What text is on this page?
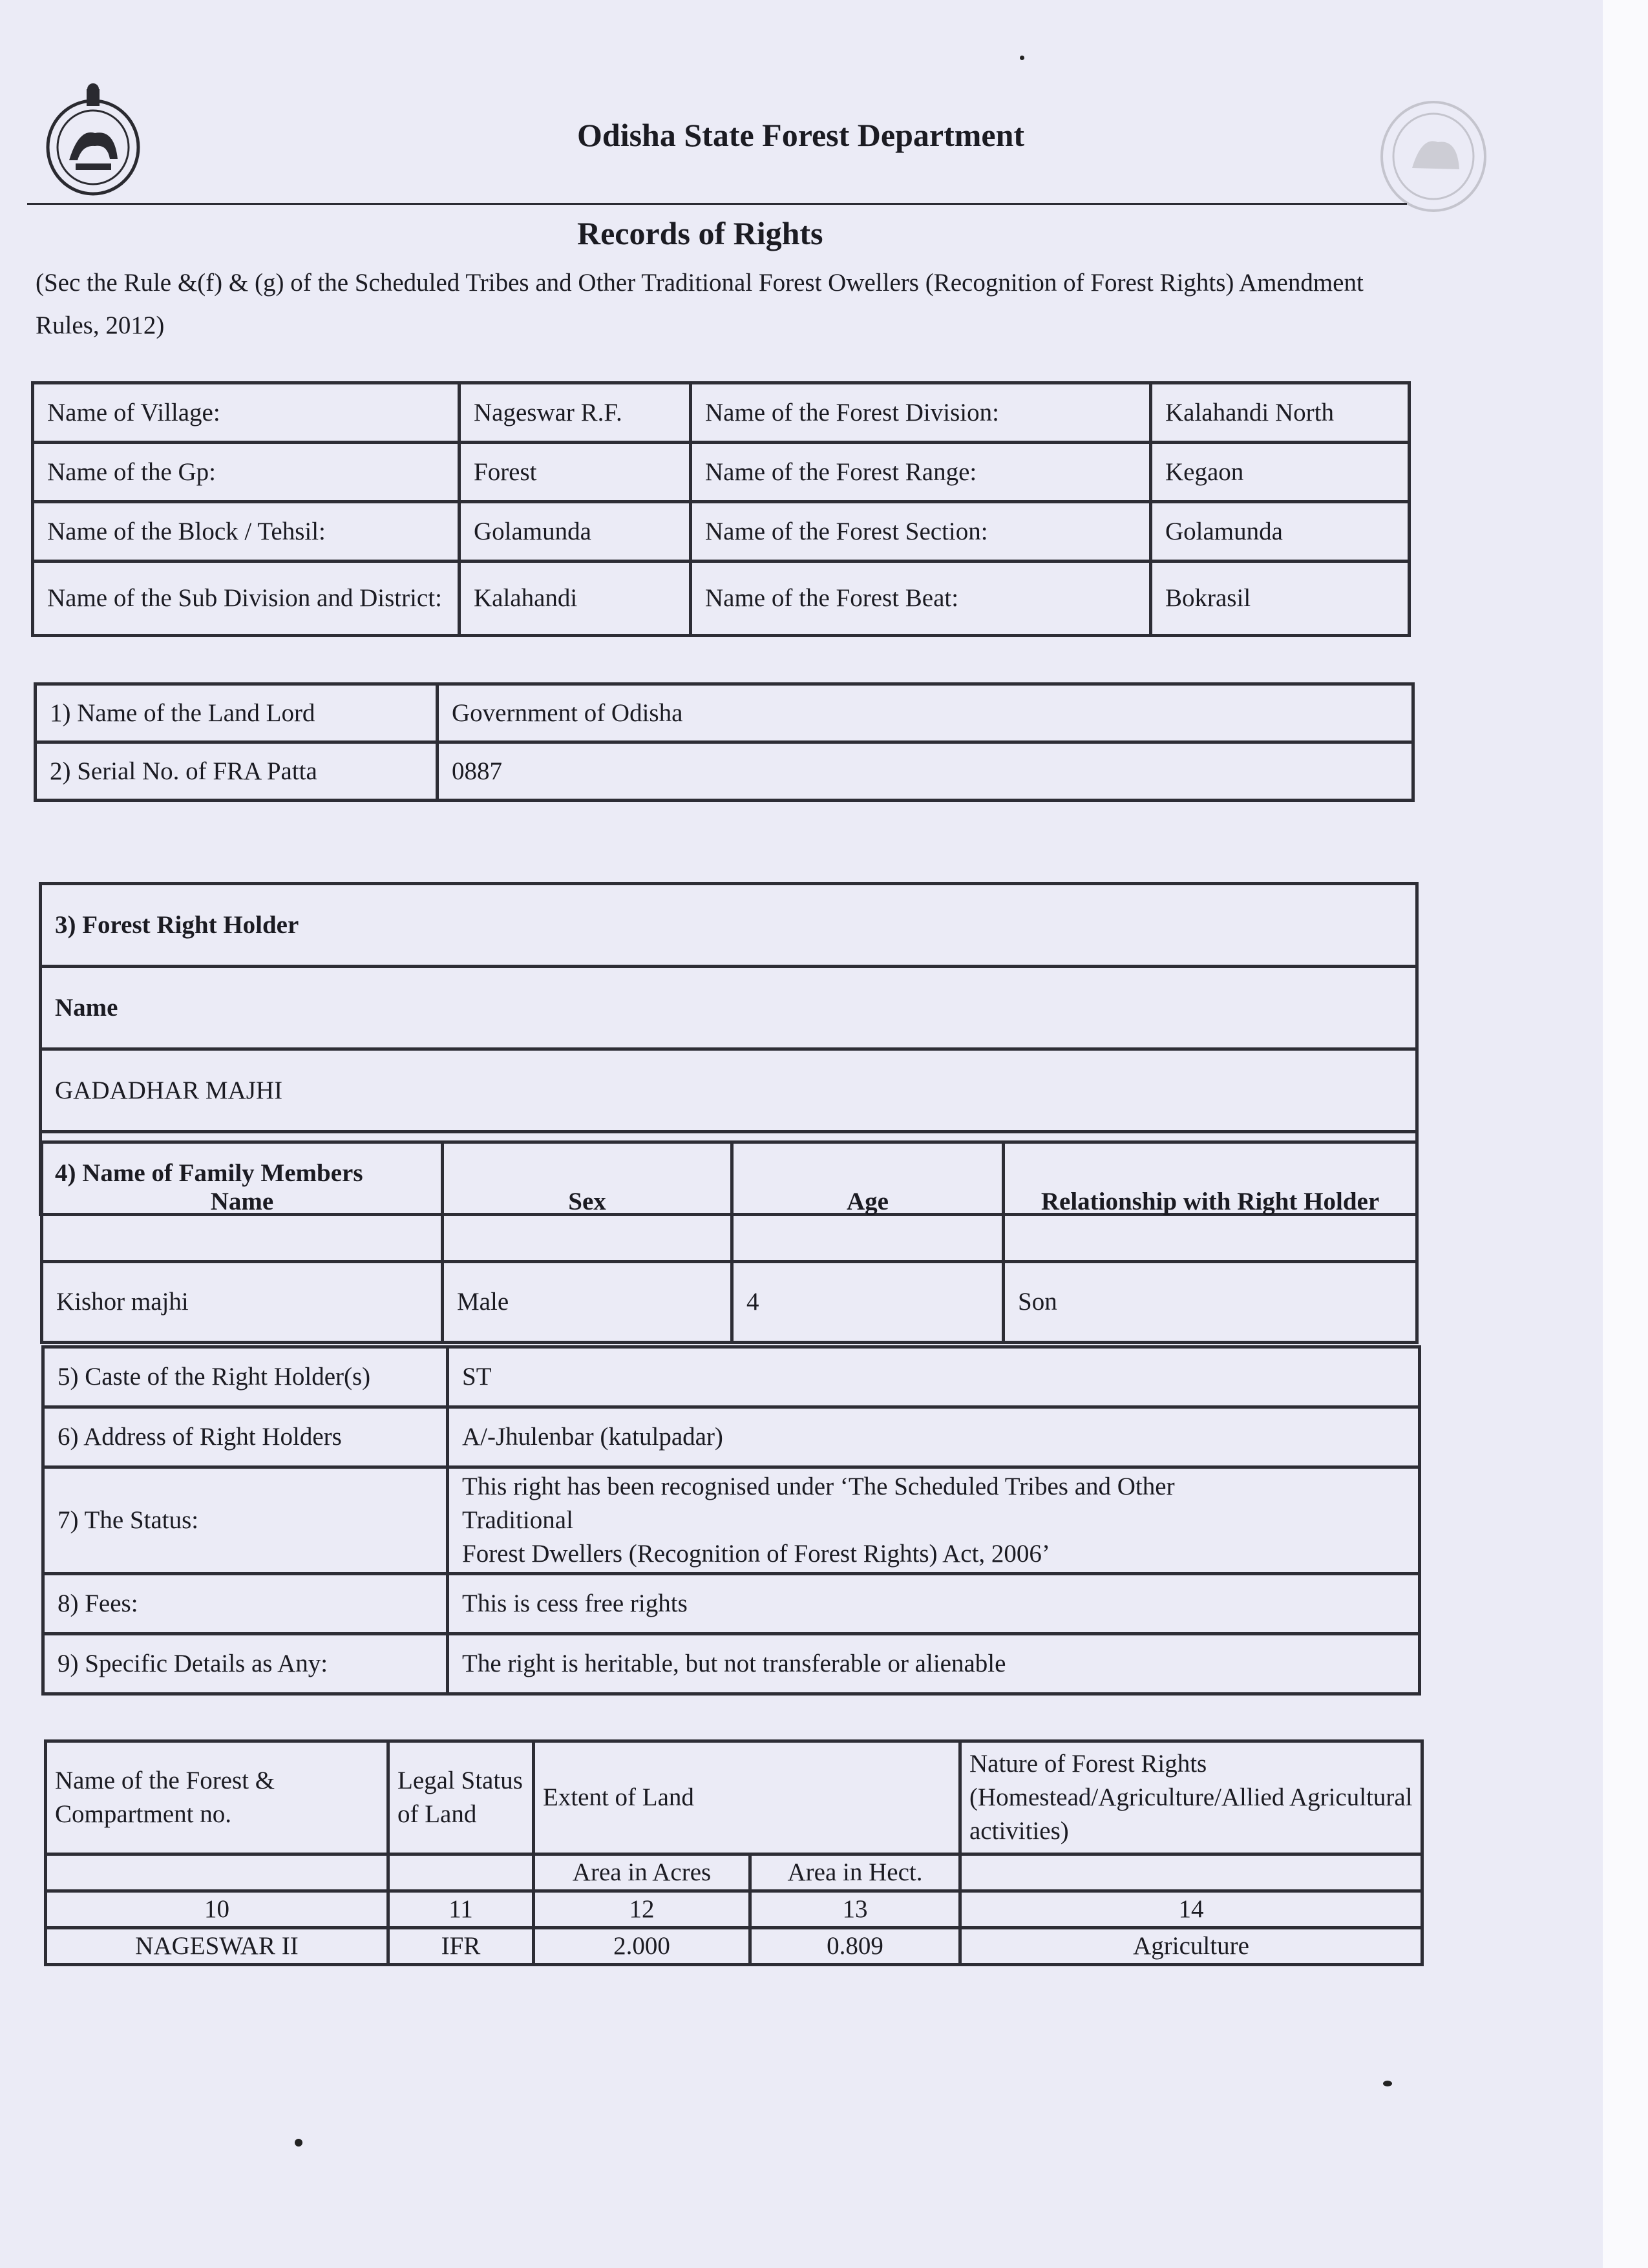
Odisha State Forest Department
Records of Rights
(Sec the Rule &(f) & (g) of the Scheduled Tribes and Other Traditional Forest Owellers (Recognition of Forest Rights) Amendment Rules, 2012)
Name of Village:	Nageswar R.F.	Name of the Forest Division:	Kalahandi North
Name of the Gp:	Forest	Name of the Forest Range:	Kegaon
Name of the Block / Tehsil:	Golamunda	Name of the Forest Section:	Golamunda
Name of the Sub Division and District:	Kalahandi	Name of the Forest Beat:	Bokrasil
1) Name of the Land Lord	Government of Odisha
2) Serial No. of FRA Patta	0887
3) Forest Right Holder
Name
GADADHAR MAJHI
4) Name of Family Members
Name	Sex	Age	Relationship with Right Holder
Kishor majhi	Male	4	Son
5) Caste of the Right Holder(s)	ST
6) Address of Right Holders	A/-Jhulenbar (katulpadar)
7) The Status:	This right has been recognised under ‘The Scheduled Tribes and Other
Traditional
Forest Dwellers (Recognition of Forest Rights) Act, 2006’

8) Fees:	This is cess free rights
9) Specific Details as Any:	The right is heritable, but not transferable or alienable
Name of the Forest & Compartment no.	Legal Status of Land	Extent of Land		Nature of Forest Rights (Homestead/Agriculture/Allied Agricultural activities)
		Area in Acres	Area in Hect.	
10	11	12	13	14
NAGESWAR II	IFR	2.000	0.809	Agriculture
